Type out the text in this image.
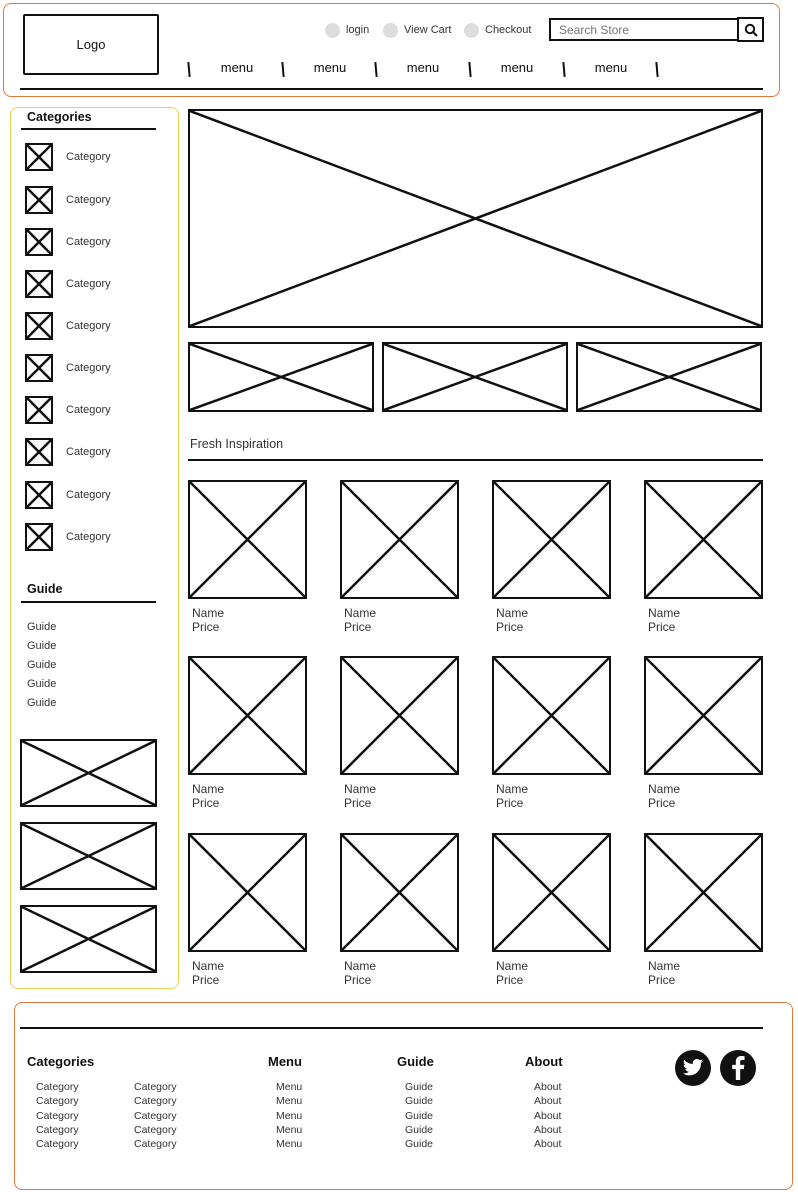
Logo
login	View Cart	Checkout
Search Store
menu	menu	menu	menu	menu
Categories
Category
Category
Category
Category
Category
Category
Category
Category
Category
Category
Guide
Guide
Guide
Guide
Guide
Guide
Fresh Inspiration
Name
Price
Name
Price
Name
Price
Name
Price
Name
Price
Name
Price
Name
Price
Name
Price
Name
Price
Name
Price
Name
Price
Name
Price
Categories	Menu	Guide	About
Category
Category
Category
Category
Category
Category
Category
Category
Category
Category
Menu
Menu
Menu
Menu
Menu
Guide
Guide
Guide
Guide
Guide
About
About
About
About
About
